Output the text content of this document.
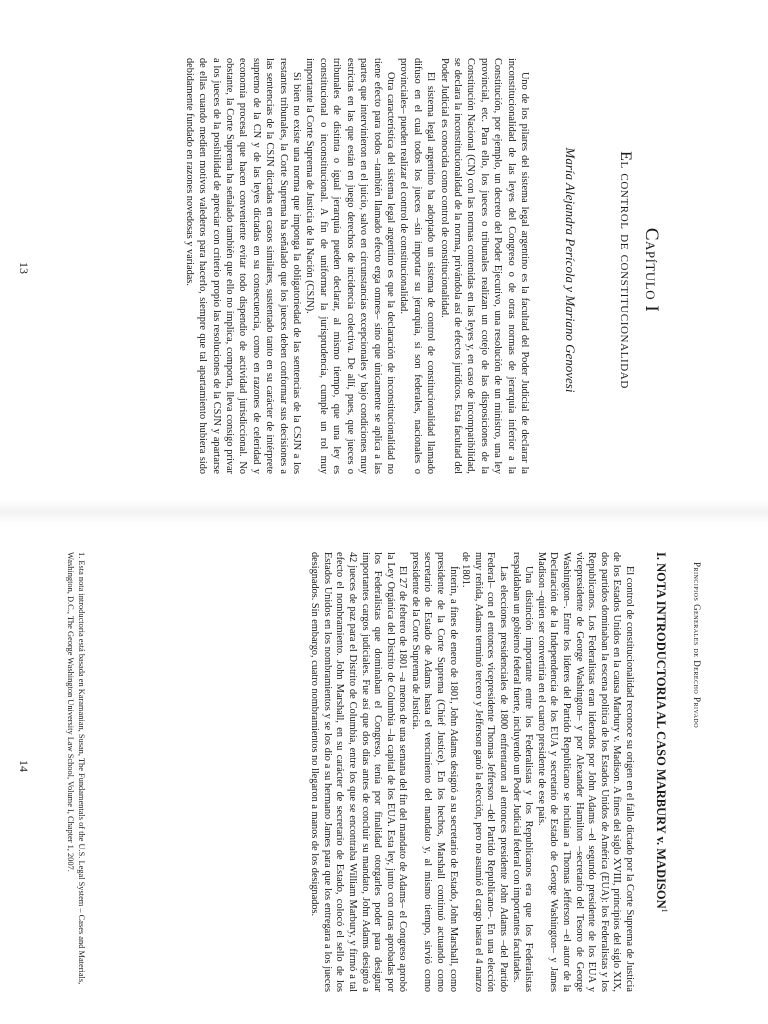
Capítulo I
El control de constitucionalidad
María Alejandra Perícola y Mariano Genovesi

Uno de los pilares del sistema legal argentino es la facultad del Poder Judicial de declarar la inconstitucionalidad de las leyes del Congreso o de otras normas de jerarquía inferior a la Constitución, por ejemplo, un decreto del Poder Ejecutivo, una resolución de un ministro, una ley provincial, etc. Para ello, los jueces o tribunales realizan un cotejo de las disposiciones de la Constitución Nacional (CN) con las normas contenidas en las leyes y, en caso de incompatibilidad, se declara la inconstitucionalidad de la norma, privándola así de efectos jurídicos. Esta facultad del Poder Judicial es conocida como control de constitucionalidad.

El sistema legal argentino ha adoptado un sistema de control de constitucionalidad llamado difuso en el cual todos los jueces –sin importar su jerarquía, si son federales, nacionales o provinciales– pueden realizar el control de constitucionalidad.

Otra característica del sistema legal argentino es que la declaración de inconstitucionalidad no tiene efecto para todos –también llamado efecto erga omnes– sino que únicamente se aplica a las partes que intervinieron en el juicio, salvo en circunstancias excepcionales y bajo condiciones muy estrictas en las que están en juego derechos de incidencia colectiva. De allí, pues, que jueces o tribunales de distinta o igual jerarquía pueden declarar, al mismo tiempo, que una ley es constitucional o inconstitucional. A fin de uniformar la jurisprudencia, cumple un rol muy importante la Corte Suprema de Justicia de la Nación (CSJN).

Si bien no existe una norma que imponga la obligatoriedad de las sentencias de la CSJN a los restantes tribunales, la Corte Suprema ha señalado que los jueces deben conformar sus decisiones a las sentencias de la CSJN dictadas en casos similares, sustentado tanto en su carácter de intérprete supremo de la CN y de las leyes dictadas en su consecuencia, como en razones de celeridad y economía procesal que hacen conveniente evitar todo dispendio de actividad jurisdiccional. No obstante, la Corte Suprema ha señalado también que ello no implica, comporta, lleva consigo privar a los jueces de la posibilidad de apreciar con criterio propio las resoluciones de la CSJN y apartarse de ellas cuando medien motivos valederos para hacerlo, siempre que tal apartamiento hubiera sido debidamente fundado en razones novedosas y variadas.

13
Principios Generales de Derecho Privado
I. NOTA INTRODUCTORIA AL CASO MARBURY v. MADISON$^1$

El control de constitucionalidad reconoce su origen en el fallo dictado por la Corte Suprema de Justicia de los Estados Unidos en la causa Marbury v. Madison. A fines del siglo XVIII, principios del siglo XIX, dos partidos dominaban la escena política de los Estados Unidos de América (EUA): los Federalistas y los Republicanos. Los Federalistas eran liderados por John Adams –el segundo presidente de los EUA y vicepresidente de George Washington– y por Alexander Hamilton –secretario del Tesoro de George Washington–. Entre los líderes del Partido Republicano se incluían a Thomas Jefferson –el autor de la Declaración de la Independencia de los EUA y secretario de Estado de George Washington– y James Madison –quien ser convertiría en el cuarto presidente de ese país.

Una distinción importante entre los Federalistas y los Republicanos era que los Federalistas respaldaban un gobierno federal fuerte, incluyendo un Poder Judicial federal con importantes facultades.

Las elecciones presidenciales de 1800 enfrentaron al entonces presidente John Adams –del Partido Federal– con el entonces vicepresidente Thomas Jefferson –del Partido Republicano–. En una elección muy reñida, Adams terminó tercero y Jefferson ganó la elección, pero no asumió el cargo hasta el 4 marzo de 1801.

Ínterin, a fines de enero de 1801, John Adams designó a su secretario de Estado, John Marshall, como presidente de la Corte Suprema (Chief Justice). En los hechos, Marshall continuó actuando como secretario de Estado de Adams hasta el vencimiento del mandato y, al mismo tiempo, sirvió como presidente de la Corte Suprema de Justicia.

El 27 de febrero de 1801 –a menos de una semana del fin del mandato de Adams– el Congreso aprobó la Ley Orgánica del Distrito de Columbia –la capital de los EUA. Esta ley, junto con otras aprobadas por los Federalistas que dominaban el Congreso, tenía por finalidad otorgarles poder para designar importantes cargos judiciales. Fue así que dos días antes de concluir su mandato, John Adams designó a 42 jueces de paz para el Distrito de Columbia, entre los que se encontraba William Marbury, y firmó a tal efecto el nombramiento. John Marshall, en su carácter de secretario de Estado, colocó el sello de los Estados Unidos en los nombramientos y se los dio a su hermano James para que los entregara a los jueces designados. Sin embargo, cuatro nombramientos no llegaron a manos de los designados.

1. Esta nota introductoria está basada en Karamanian, Susan, The Fundamentals of the U.S. Legal System – Cases and Materials, Washington, D.C., The George Washington University Law School, Volume I, Chapter 1, 2007.
14
